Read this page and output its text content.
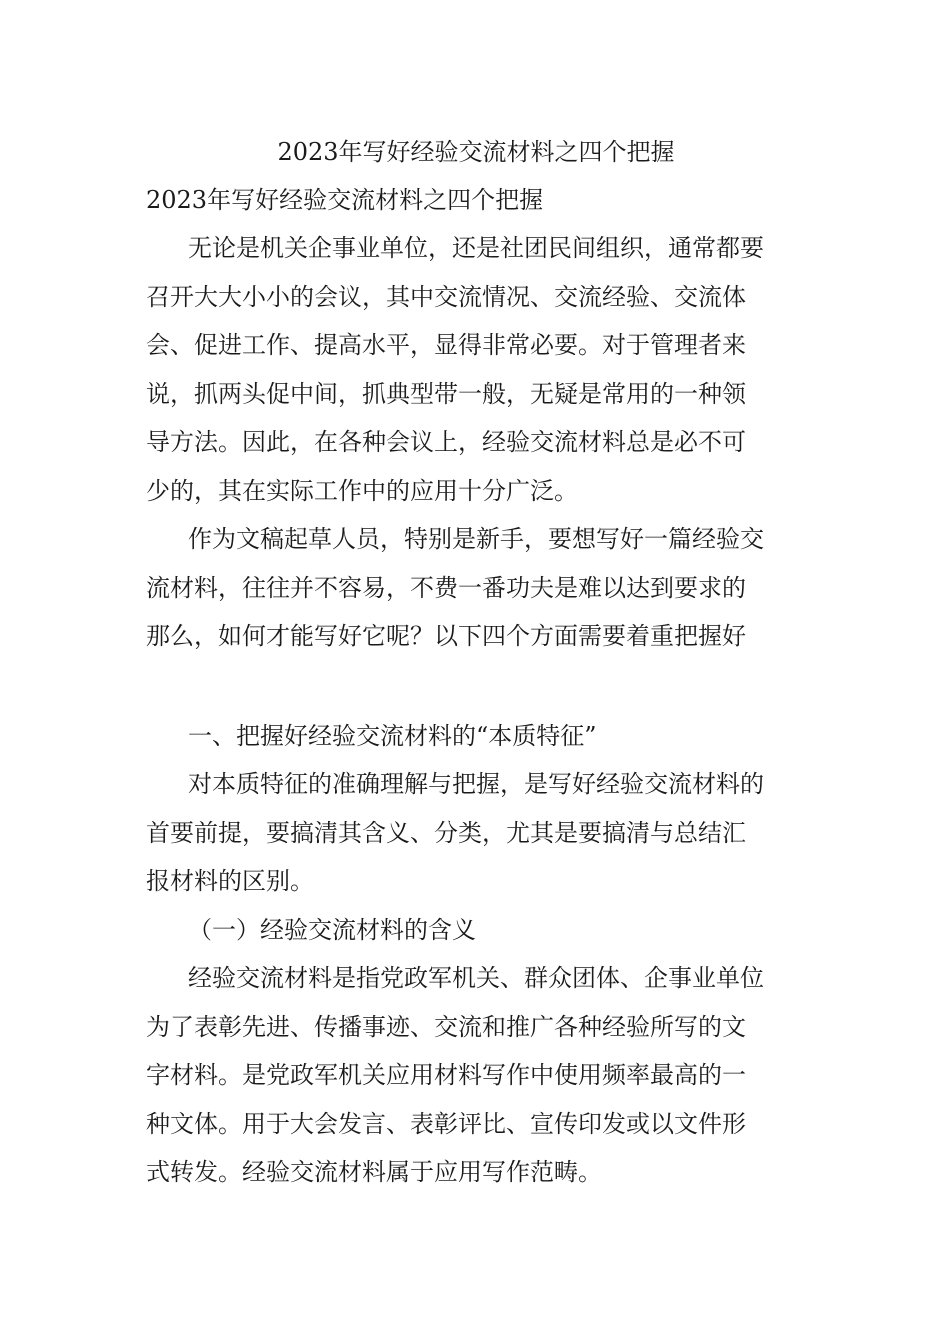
2023年写好经验交流材料之四个把握

2023年写好经验交流材料之四个把握

无论是机关企事业单位，还是社团民间组织，通常都要

召开大大小小的会议，其中交流情况、交流经验、交流体

会、促进工作、提高水平，显得非常必要。对于管理者来

说，抓两头促中间，抓典型带一般，无疑是常用的一种领

导方法。因此，在各种会议上，经验交流材料总是必不可

少的，其在实际工作中的应用十分广泛。

作为文稿起草人员，特别是新手，要想写好一篇经验交

流材料，往往并不容易，不费一番功夫是难以达到要求的

那么，如何才能写好它呢？以下四个方面需要着重把握好

一、把握好经验交流材料的“本质特征”

对本质特征的准确理解与把握，是写好经验交流材料的

首要前提，要搞清其含义、分类，尤其是要搞清与总结汇

报材料的区别。

（一）经验交流材料的含义

经验交流材料是指党政军机关、群众团体、企事业单位

为了表彰先进、传播事迹、交流和推广各种经验所写的文

字材料。是党政军机关应用材料写作中使用频率最高的一

种文体。用于大会发言、表彰评比、宣传印发或以文件形

式转发。经验交流材料属于应用写作范畴。
